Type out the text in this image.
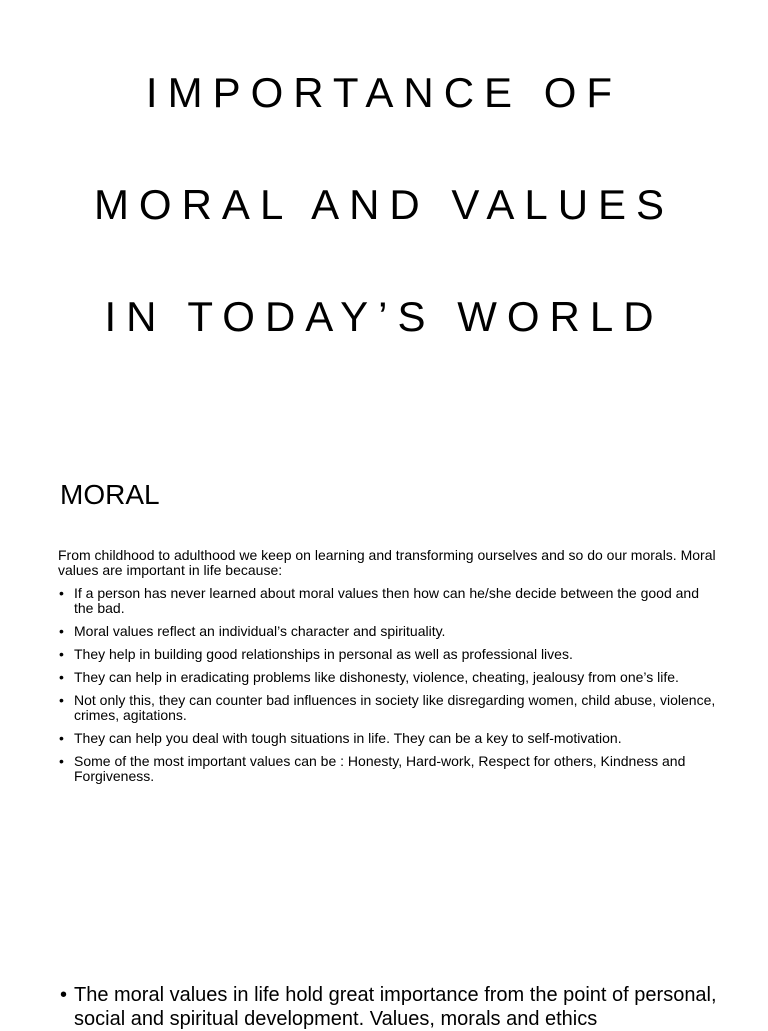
IMPORTANCE OF
MORAL AND VALUES
IN TODAY’S WORLD
MORAL
From childhood to adulthood we keep on learning and transforming ourselves and so do our morals. Moral values are important in life because:
• If a person has never learned about moral values then how can he/she decide between the good and the bad.
• Moral values reflect an individual’s character and spirituality.
• They help in building good relationships in personal as well as professional lives.
• They can help in eradicating problems like dishonesty, violence, cheating, jealousy from one’s life.
• Not only this, they can counter bad influences in society like disregarding women, child abuse, violence, crimes, agitations.
• They can help you deal with tough situations in life. They can be a key to self-motivation.
• Some of the most important values can be : Honesty, Hard-work, Respect for others, Kindness and Forgiveness.
• The moral values in life hold great importance from the point of personal, social and spiritual development. Values, morals and ethics
